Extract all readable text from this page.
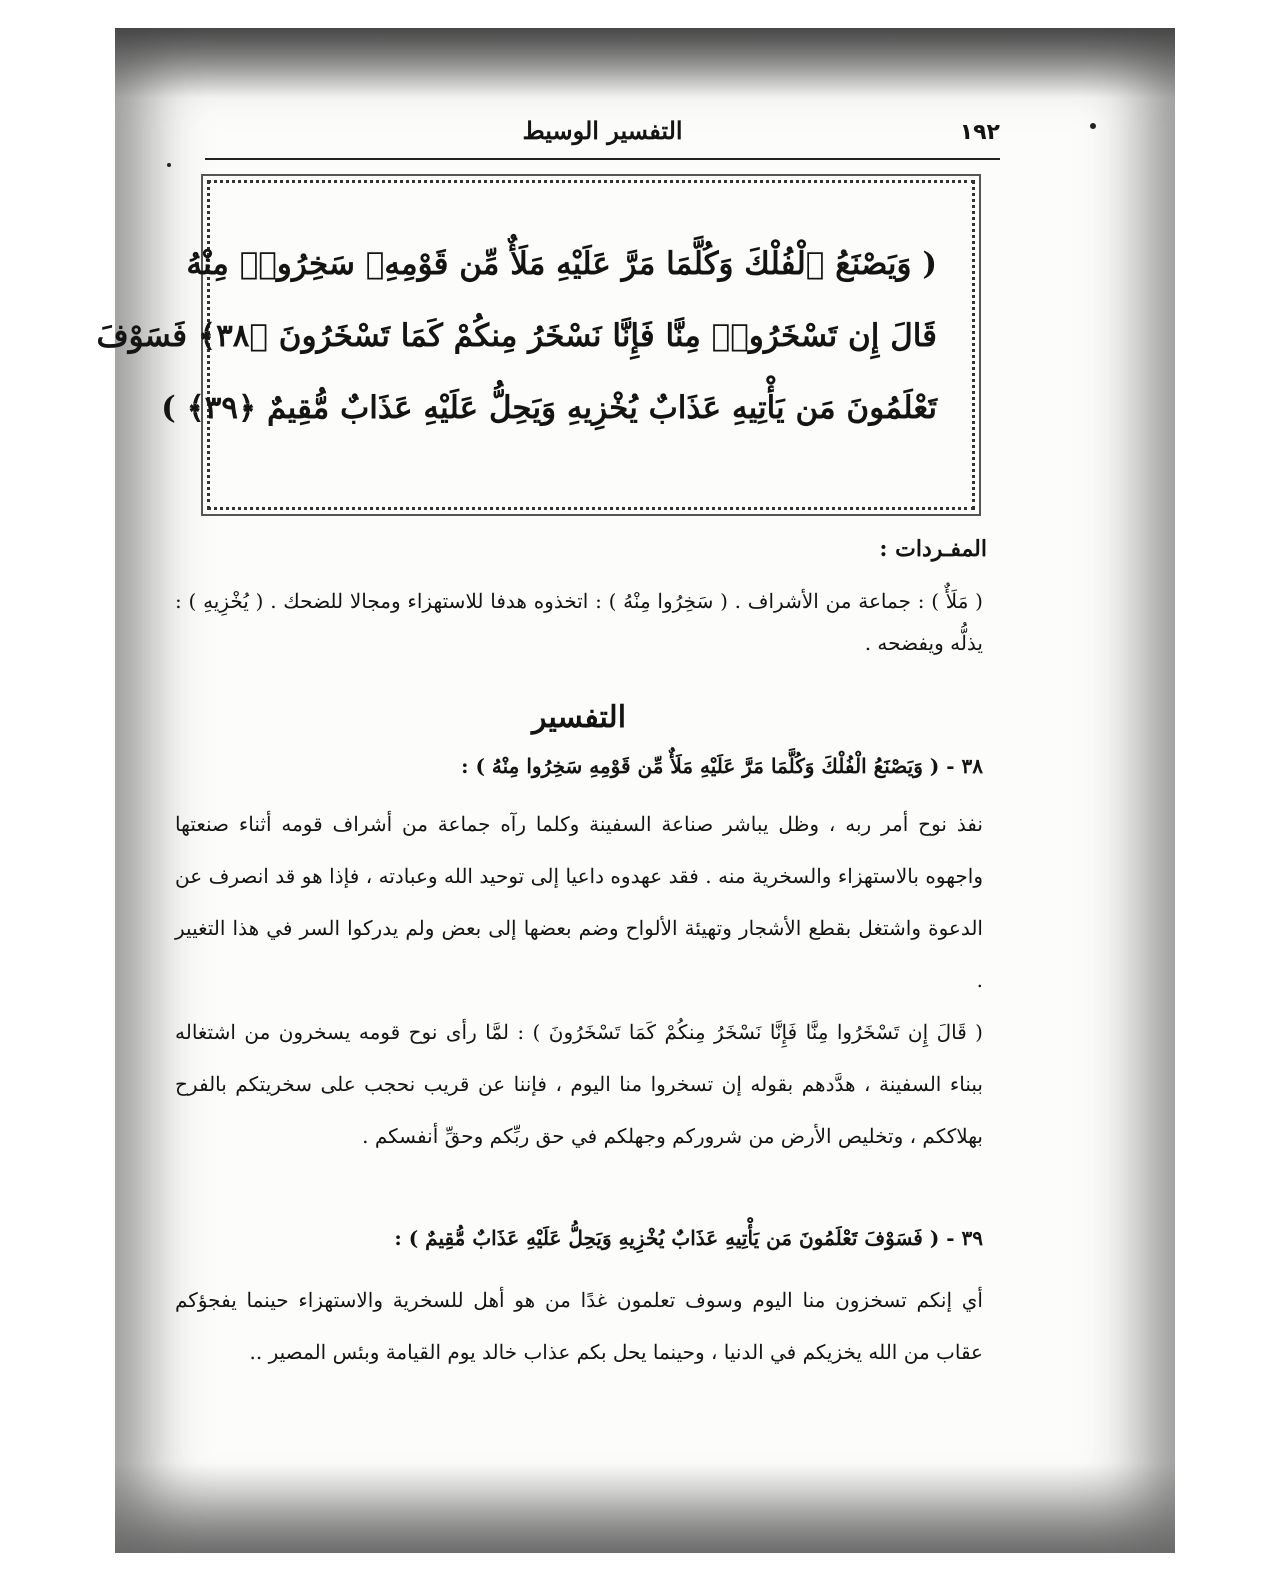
١٩٢
التفسير الوسيط
( وَيَصْنَعُ ٱلْفُلْكَ وَكُلَّمَا مَرَّ عَلَيْهِ مَلَأٌ مِّن قَوْمِهِۦ سَخِرُوا۟ مِنْهُ
قَالَ إِن تَسْخَرُوا۟ مِنَّا فَإِنَّا نَسْخَرُ مِنكُمْ كَمَا تَسْخَرُونَ ﴿٣٨﴾ فَسَوْفَ
تَعْلَمُونَ مَن يَأْتِيهِ عَذَابٌ يُخْزِيهِ وَيَحِلُّ عَلَيْهِ عَذَابٌ مُّقِيمٌ ﴿٣٩﴾ )
المفـردات :
( مَلَأٌ ) : جماعة من الأشراف . ( سَخِرُوا مِنْهُ ) : اتخذوه هدفا للاستهزاء ومجالا للضحك . ( يُخْزِيهِ ) : يذلُّه ويفضحه .
التفسير
٣٨ - ( وَيَصْنَعُ الْفُلْكَ وَكُلَّمَا مَرَّ عَلَيْهِ مَلَأٌ مِّن قَوْمِهِ سَخِرُوا مِنْهُ ) :
نفذ نوح أمر ربه ، وظل يباشر صناعة السفينة وكلما رآه جماعة من أشراف قومه أثناء صنعتها واجهوه بالاستهزاء والسخرية منه . فقد عهدوه داعيا إلى توحيد الله وعبادته ، فإذا هو قد انصرف عن الدعوة واشتغل بقطع الأشجار وتهيئة الألواح وضم بعضها إلى بعض ولم يدركوا السر في هذا التغيير .
( قَالَ إِن تَسْخَرُوا مِنَّا فَإِنَّا نَسْخَرُ مِنكُمْ كَمَا تَسْخَرُونَ ) : لمَّا رأى نوح قومه يسخرون من اشتغاله ببناء السفينة ، هدَّدهم بقوله إن تسخروا منا اليوم ، فإننا عن قريب نحجب على سخريتكم بالفرح بهلاككم ، وتخليص الأرض من شروركم وجهلكم في حق ربِّكم وحقِّ أنفسكم .
٣٩ - ( فَسَوْفَ تَعْلَمُونَ مَن يَأْتِيهِ عَذَابٌ يُخْزِيهِ وَيَحِلُّ عَلَيْهِ عَذَابٌ مُّقِيمٌ ) :
أي إنكم تسخزون منا اليوم وسوف تعلمون غدًا من هو أهل للسخرية والاستهزاء حينما يفجؤكم عقاب من الله يخزيكم في الدنيا ، وحينما يحل بكم عذاب خالد يوم القيامة وبئس المصير ..
